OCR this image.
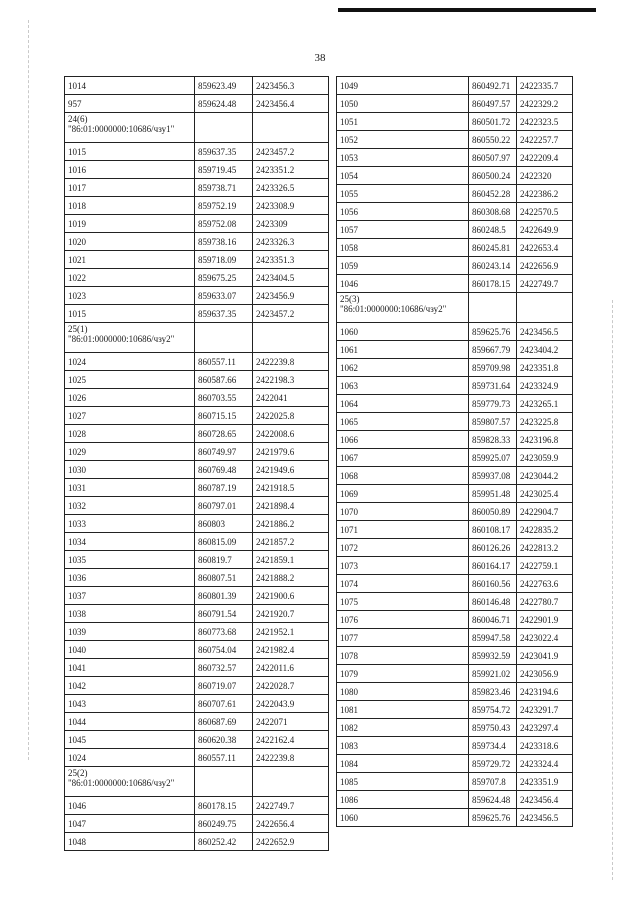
38
1014	859623.49	2423456.3
957	859624.48	2423456.4
24(6)
"86:01:0000000:10686/чзу1"		
1015	859637.35	2423457.2
1016	859719.45	2423351.2
1017	859738.71	2423326.5
1018	859752.19	2423308.9
1019	859752.08	2423309
1020	859738.16	2423326.3
1021	859718.09	2423351.3
1022	859675.25	2423404.5
1023	859633.07	2423456.9
1015	859637.35	2423457.2
25(1)
"86:01:0000000:10686/чзу2"		
1024	860557.11	2422239.8
1025	860587.66	2422198.3
1026	860703.55	2422041
1027	860715.15	2422025.8
1028	860728.65	2422008.6
1029	860749.97	2421979.6
1030	860769.48	2421949.6
1031	860787.19	2421918.5
1032	860797.01	2421898.4
1033	860803	2421886.2
1034	860815.09	2421857.2
1035	860819.7	2421859.1
1036	860807.51	2421888.2
1037	860801.39	2421900.6
1038	860791.54	2421920.7
1039	860773.68	2421952.1
1040	860754.04	2421982.4
1041	860732.57	2422011.6
1042	860719.07	2422028.7
1043	860707.61	2422043.9
1044	860687.69	2422071
1045	860620.38	2422162.4
1024	860557.11	2422239.8
25(2)
"86:01:0000000:10686/чзу2"		
1046	860178.15	2422749.7
1047	860249.75	2422656.4
1048	860252.42	2422652.9
1049	860492.71	2422335.7
1050	860497.57	2422329.2
1051	860501.72	2422323.5
1052	860550.22	2422257.7
1053	860507.97	2422209.4
1054	860500.24	2422320
1055	860452.28	2422386.2
1056	860308.68	2422570.5
1057	860248.5	2422649.9
1058	860245.81	2422653.4
1059	860243.14	2422656.9
1046	860178.15	2422749.7
25(3)
"86:01:0000000:10686/чзу2"		
1060	859625.76	2423456.5
1061	859667.79	2423404.2
1062	859709.98	2423351.8
1063	859731.64	2423324.9
1064	859779.73	2423265.1
1065	859807.57	2423225.8
1066	859828.33	2423196.8
1067	859925.07	2423059.9
1068	859937.08	2423044.2
1069	859951.48	2423025.4
1070	860050.89	2422904.7
1071	860108.17	2422835.2
1072	860126.26	2422813.2
1073	860164.17	2422759.1
1074	860160.56	2422763.6
1075	860146.48	2422780.7
1076	860046.71	2422901.9
1077	859947.58	2423022.4
1078	859932.59	2423041.9
1079	859921.02	2423056.9
1080	859823.46	2423194.6
1081	859754.72	2423291.7
1082	859750.43	2423297.4
1083	859734.4	2423318.6
1084	859729.72	2423324.4
1085	859707.8	2423351.9
1086	859624.48	2423456.4
1060	859625.76	2423456.5
